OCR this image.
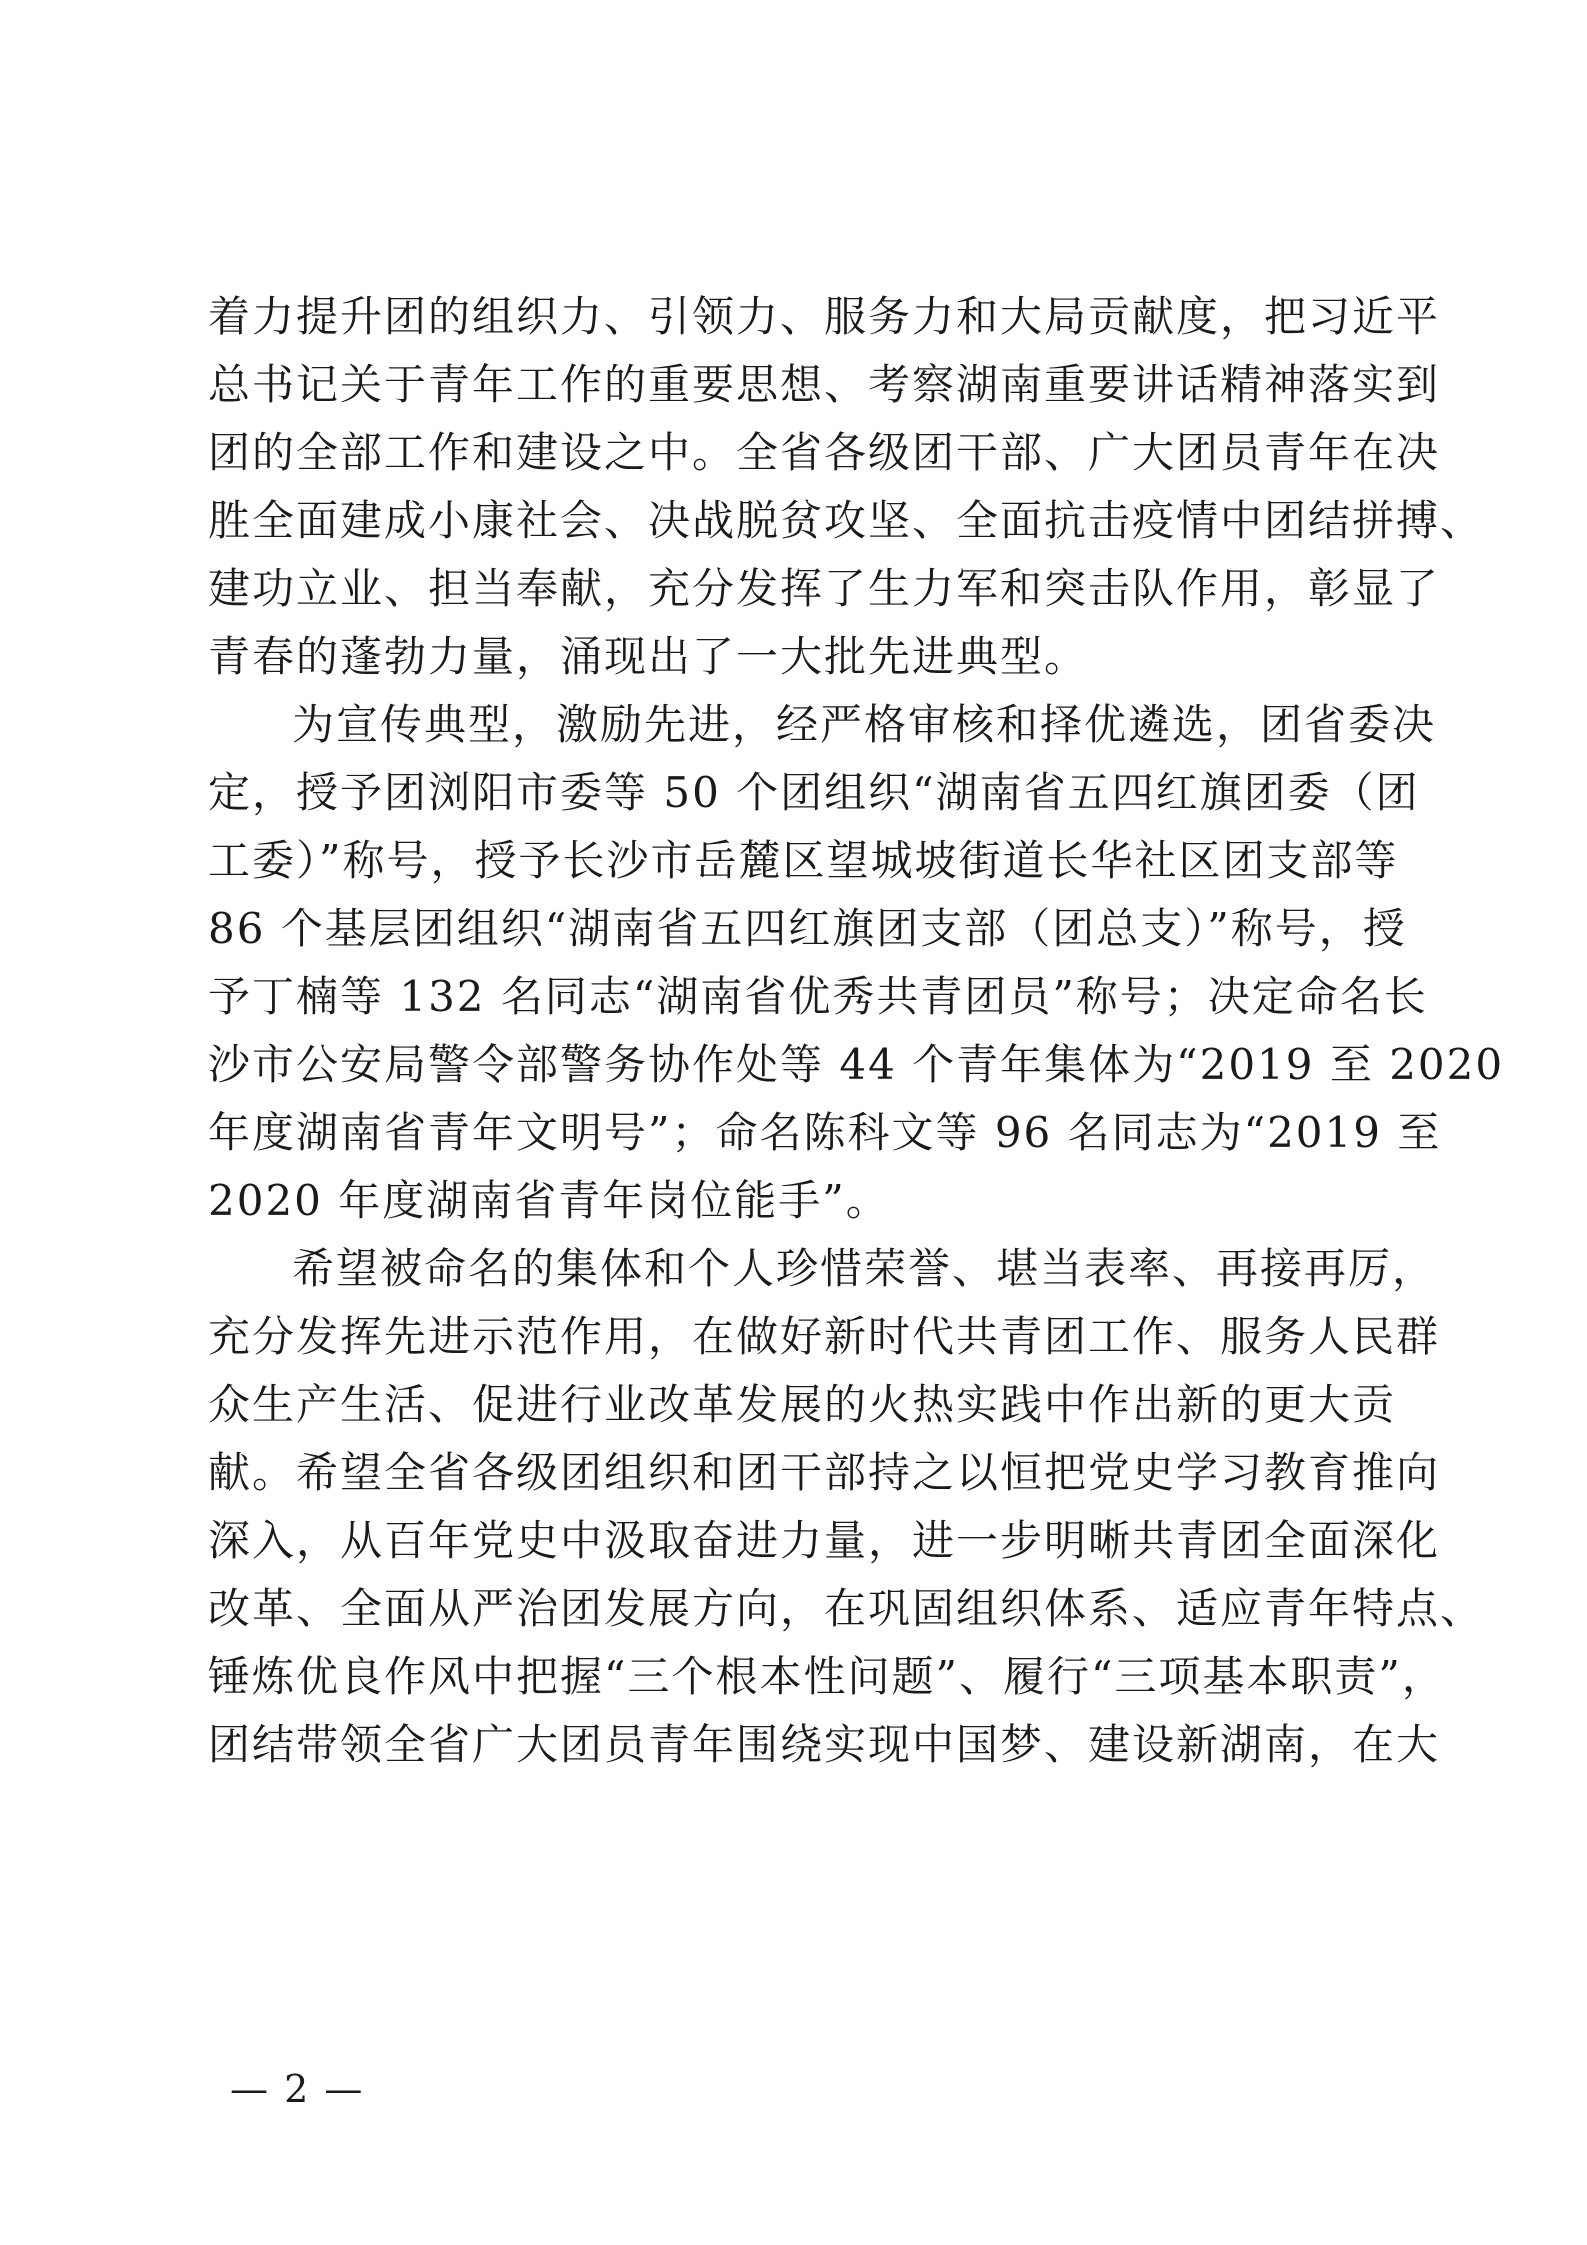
着力提升团的组织力、引领力、服务力和大局贡献度，把习近平
总书记关于青年工作的重要思想、考察湖南重要讲话精神落实到
团的全部工作和建设之中。全省各级团干部、广大团员青年在决
胜全面建成小康社会、决战脱贫攻坚、全面抗击疫情中团结拼搏、
建功立业、担当奉献，充分发挥了生力军和突击队作用，彰显了
青春的蓬勃力量，涌现出了一大批先进典型。
为宣传典型，激励先进，经严格审核和择优遴选，团省委决
定，授予团浏阳市委等 50 个团组织“湖南省五四红旗团委（团
工委）”称号，授予长沙市岳麓区望城坡街道长华社区团支部等
86 个基层团组织“湖南省五四红旗团支部（团总支）”称号，授
予丁楠等 132 名同志“湖南省优秀共青团员”称号；决定命名长
沙市公安局警令部警务协作处等 44 个青年集体为“2019 至 2020
年度湖南省青年文明号”；命名陈科文等 96 名同志为“2019 至
2020 年度湖南省青年岗位能手”。
希望被命名的集体和个人珍惜荣誉、堪当表率、再接再厉，
充分发挥先进示范作用，在做好新时代共青团工作、服务人民群
众生产生活、促进行业改革发展的火热实践中作出新的更大贡
献。希望全省各级团组织和团干部持之以恒把党史学习教育推向
深入，从百年党史中汲取奋进力量，进一步明晰共青团全面深化
改革、全面从严治团发展方向，在巩固组织体系、适应青年特点、
锤炼优良作风中把握“三个根本性问题”、履行“三项基本职责”，
团结带领全省广大团员青年围绕实现中国梦、建设新湖南，在大
— 2 —
